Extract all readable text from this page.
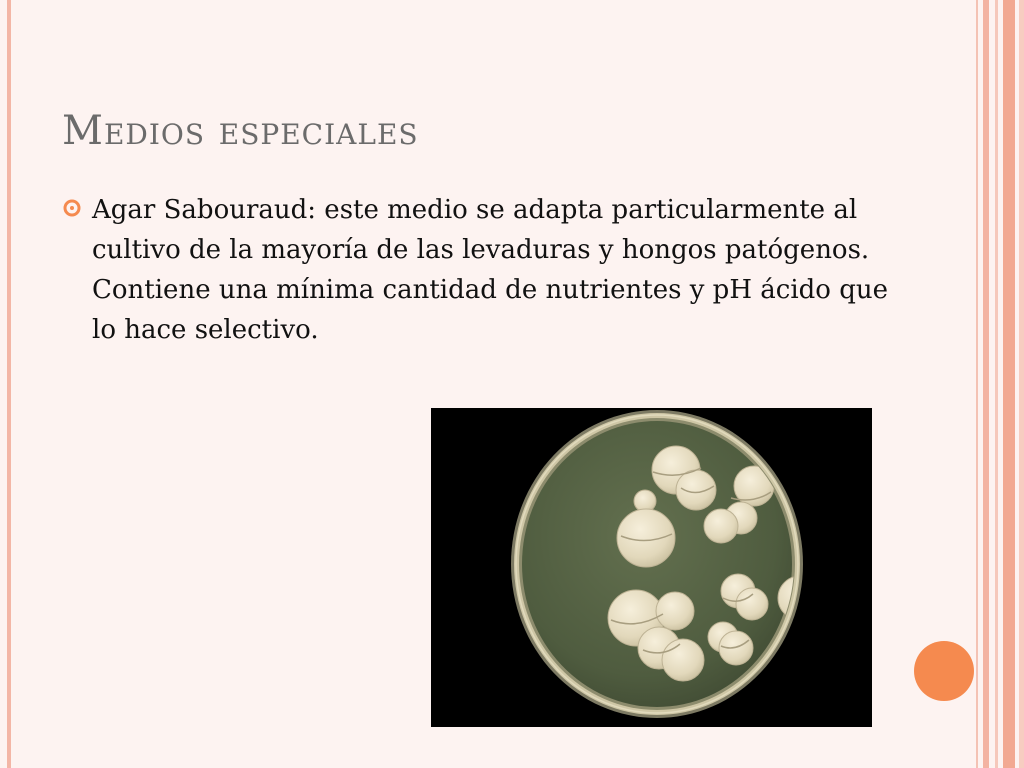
Medios especiales

Agar Sabouraud: este medio se adapta particularmente al cultivo de la mayoría de las levaduras y hongos patógenos. Contiene una mínima cantidad de nutrientes y pH ácido que lo hace selectivo.
